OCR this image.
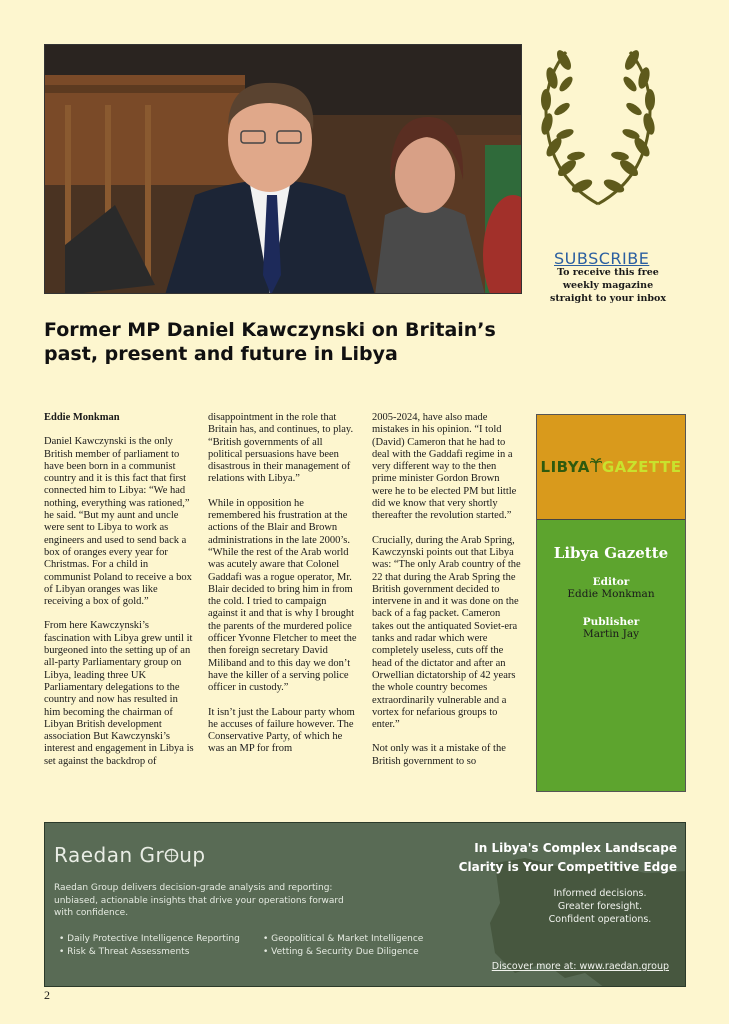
SUBSCRIBE
To receive this free weekly magazine straight to your inbox
Former MP Daniel Kawczynski on Britain’s past, present and future in Libya

Eddie Monkman

Daniel Kawczynski is the only British member of parliament to have been born in a communist country and it is this fact that first connected him to Libya: “We had nothing, everything was rationed,” he said. “But my aunt and uncle were sent to Libya to work as engineers and used to send back a box of oranges every year for Christmas. For a child in communist Poland to receive a box of Libyan oranges was like receiving a box of gold.”

From here Kawczynski’s fascination with Libya grew until it burgeoned into the setting up of an all-party Parliamentary group on Libya, leading three UK Parliamentary delegations to the country and now has resulted in him becoming the chairman of Libyan British development association But Kawczynski’s interest and engagement in Libya is set against the backdrop of

disappointment in the role that Britain has, and continues, to play. “British governments of all political persuasions have been disastrous in their management of relations with Libya.”

While in opposition he remembered his frustration at the actions of the Blair and Brown administrations in the late 2000’s. “While the rest of the Arab world was acutely aware that Colonel Gaddafi was a rogue operator, Mr. Blair decided to bring him in from the cold. I tried to campaign against it and that is why I brought the parents of the murdered police officer Yvonne Fletcher to meet the then foreign secretary David Miliband and to this day we don’t have the killer of a serving police officer in custody.”

It isn’t just the Labour party whom he accuses of failure however. The Conservative Party, of which he was an MP for from

2005-2024, have also made mistakes in his opinion. “I told (David) Cameron that he had to deal with the Gaddafi regime in a very different way to the then prime minister Gordon Brown were he to be elected PM but little did we know that very shortly thereafter the revolution started.”

Crucially, during the Arab Spring, Kawczynski points out that Libya was: “The only Arab country of the 22 that during the Arab Spring the British government decided to intervene in and it was done on the back of a fag packet. Cameron takes out the antiquated Soviet-era tanks and radar which were completely useless, cuts off the head of the dictator and after an Orwellian dictatorship of 42 years the whole country becomes extraordinarily vulnerable and a vortex for nefarious groups to enter.”

Not only was it a mistake of the British government to so

LIBYA GAZETTE
Libya Gazette
Editor
Eddie Monkman
Publisher
Martin Jay
Raedan Gr up
Raedan Group delivers decision-grade analysis and reporting: unbiased, actionable insights that drive your operations forward with confidence.
• Daily Protective Intelligence Reporting
• Risk & Threat Assessments
• Geopolitical & Market Intelligence
• Vetting & Security Due Diligence
In Libya's Complex Landscape
Clarity is Your Competitive Edge
Informed decisions.
Greater foresight.
Confident operations.
Discover more at: www.raedan.group
2
